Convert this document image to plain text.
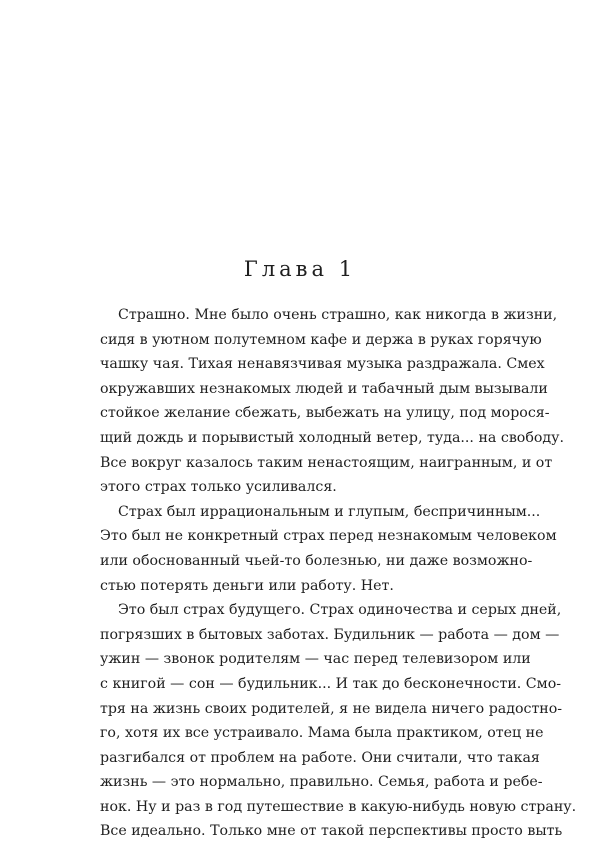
Глава 1
Страшно. Мне было очень страшно, как никогда в жизни,
сидя в уютном полутемном кафе и держа в руках горячую
чашку чая. Тихая ненавязчивая музыка раздражала. Смех
окружавших незнакомых людей и табачный дым вызывали
стойкое желание сбежать, выбежать на улицу, под морося-
щий дождь и порывистый холодный ветер, туда... на свободу.
Все вокруг казалось таким ненастоящим, наигранным, и от
этого страх только усиливался.
Страх был иррациональным и глупым, беспричинным...
Это был не конкретный страх перед незнакомым человеком
или обоснованный чьей-то болезнью, ни даже возможно-
стью потерять деньги или работу. Нет.
Это был страх будущего. Страх одиночества и серых дней,
погрязших в бытовых заботах. Будильник — работа — дом —
ужин — звонок родителям — час перед телевизором или
с книгой — сон — будильник... И так до бесконечности. Смо-
тря на жизнь своих родителей, я не видела ничего радостно-
го, хотя их все устраивало. Мама была практиком, отец не
разгибался от проблем на работе. Они считали, что такая
жизнь — это нормально, правильно. Семья, работа и ребе-
нок. Ну и раз в год путешествие в какую-нибудь новую страну.
Все идеально. Только мне от такой перспективы просто выть
